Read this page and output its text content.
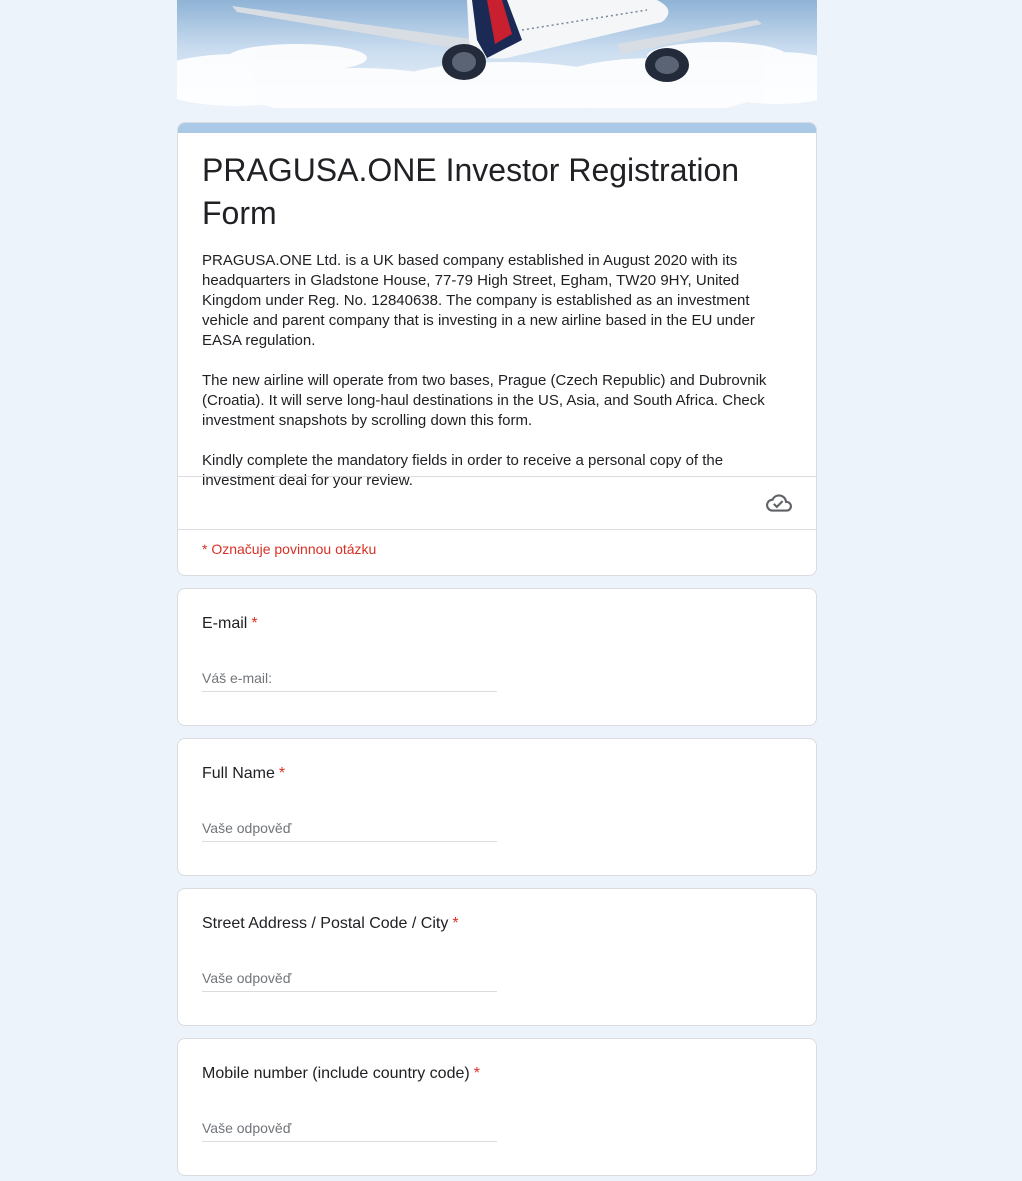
PRAGUSA.ONE Investor Registration Form
PRAGUSA.ONE Ltd. is a UK based company established in August 2020 with its headquarters in Gladstone House, 77-79 High Street, Egham, TW20 9HY, United Kingdom under Reg. No. 12840638. The company is established as an investment vehicle and parent company that is investing in a new airline based in the EU under EASA regulation.

The new airline will operate from two bases, Prague (Czech Republic) and Dubrovnik (Croatia). It will serve long-haul destinations in the US, Asia, and South Africa. Check investment snapshots by scrolling down this form.

Kindly complete the mandatory fields in order to receive a personal copy of the investment deal for your review.
* Označuje povinnou otázku
E-mail *
Váš e-mail:
Full Name *
Vaše odpověď
Street Address / Postal Code / City *
Vaše odpověď
Mobile number (include country code) *
Vaše odpověď
